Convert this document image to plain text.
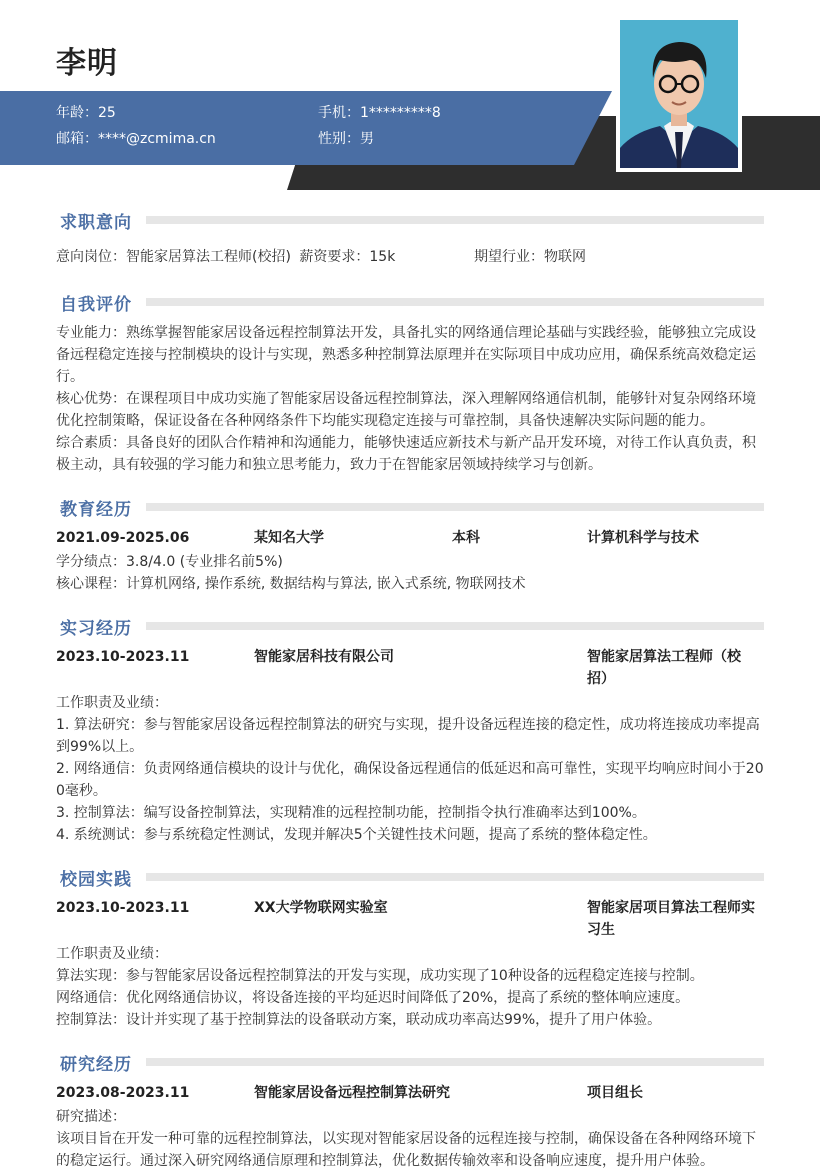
李明
年龄：25	手机：1*********8
邮箱：****@zcmima.cn	性别：男
求职意向
意向岗位：智能家居算法工程师(校招) 薪资要求：15k	期望行业：物联网
自我评价
专业能力：熟练掌握智能家居设备远程控制算法开发，具备扎实的网络通信理论基础与实践经验，能够独立完成设
备远程稳定连接与控制模块的设计与实现，熟悉多种控制算法原理并在实际项目中成功应用，确保系统高效稳定运
行。
核心优势：在课程项目中成功实施了智能家居设备远程控制算法，深入理解网络通信机制，能够针对复杂网络环境
优化控制策略，保证设备在各种网络条件下均能实现稳定连接与可靠控制，具备快速解决实际问题的能力。
综合素质：具备良好的团队合作精神和沟通能力，能够快速适应新技术与新产品开发环境，对待工作认真负责，积
极主动，具有较强的学习能力和独立思考能力，致力于在智能家居领域持续学习与创新。
教育经历
2021.09-2025.06	某知名大学	本科	计算机科学与技术
学分绩点：3.8/4.0 (专业排名前5%)
核心课程：计算机网络, 操作系统, 数据结构与算法, 嵌入式系统, 物联网技术
实习经历
2023.10-2023.11	智能家居科技有限公司	智能家居算法工程师（校
招）
工作职责及业绩：
1. 算法研究：参与智能家居设备远程控制算法的研究与实现，提升设备远程连接的稳定性，成功将连接成功率提高
到99%以上。
2. 网络通信：负责网络通信模块的设计与优化，确保设备远程通信的低延迟和高可靠性，实现平均响应时间小于20
0毫秒。
3. 控制算法：编写设备控制算法，实现精准的远程控制功能，控制指令执行准确率达到100%。
4. 系统测试：参与系统稳定性测试，发现并解决5个关键性技术问题，提高了系统的整体稳定性。
校园实践
2023.10-2023.11	XX大学物联网实验室	智能家居项目算法工程师实
习生
工作职责及业绩：
算法实现：参与智能家居设备远程控制算法的开发与实现，成功实现了10种设备的远程稳定连接与控制。
网络通信：优化网络通信协议，将设备连接的平均延迟时间降低了20%，提高了系统的整体响应速度。
控制算法：设计并实现了基于控制算法的设备联动方案，联动成功率高达99%，提升了用户体验。
研究经历
2023.08-2023.11	智能家居设备远程控制算法研究	项目组长
研究描述：
该项目旨在开发一种可靠的远程控制算法，以实现对智能家居设备的远程连接与控制，确保设备在各种网络环境下
的稳定运行。通过深入研究网络通信原理和控制算法，优化数据传输效率和设备响应速度，提升用户体验。
